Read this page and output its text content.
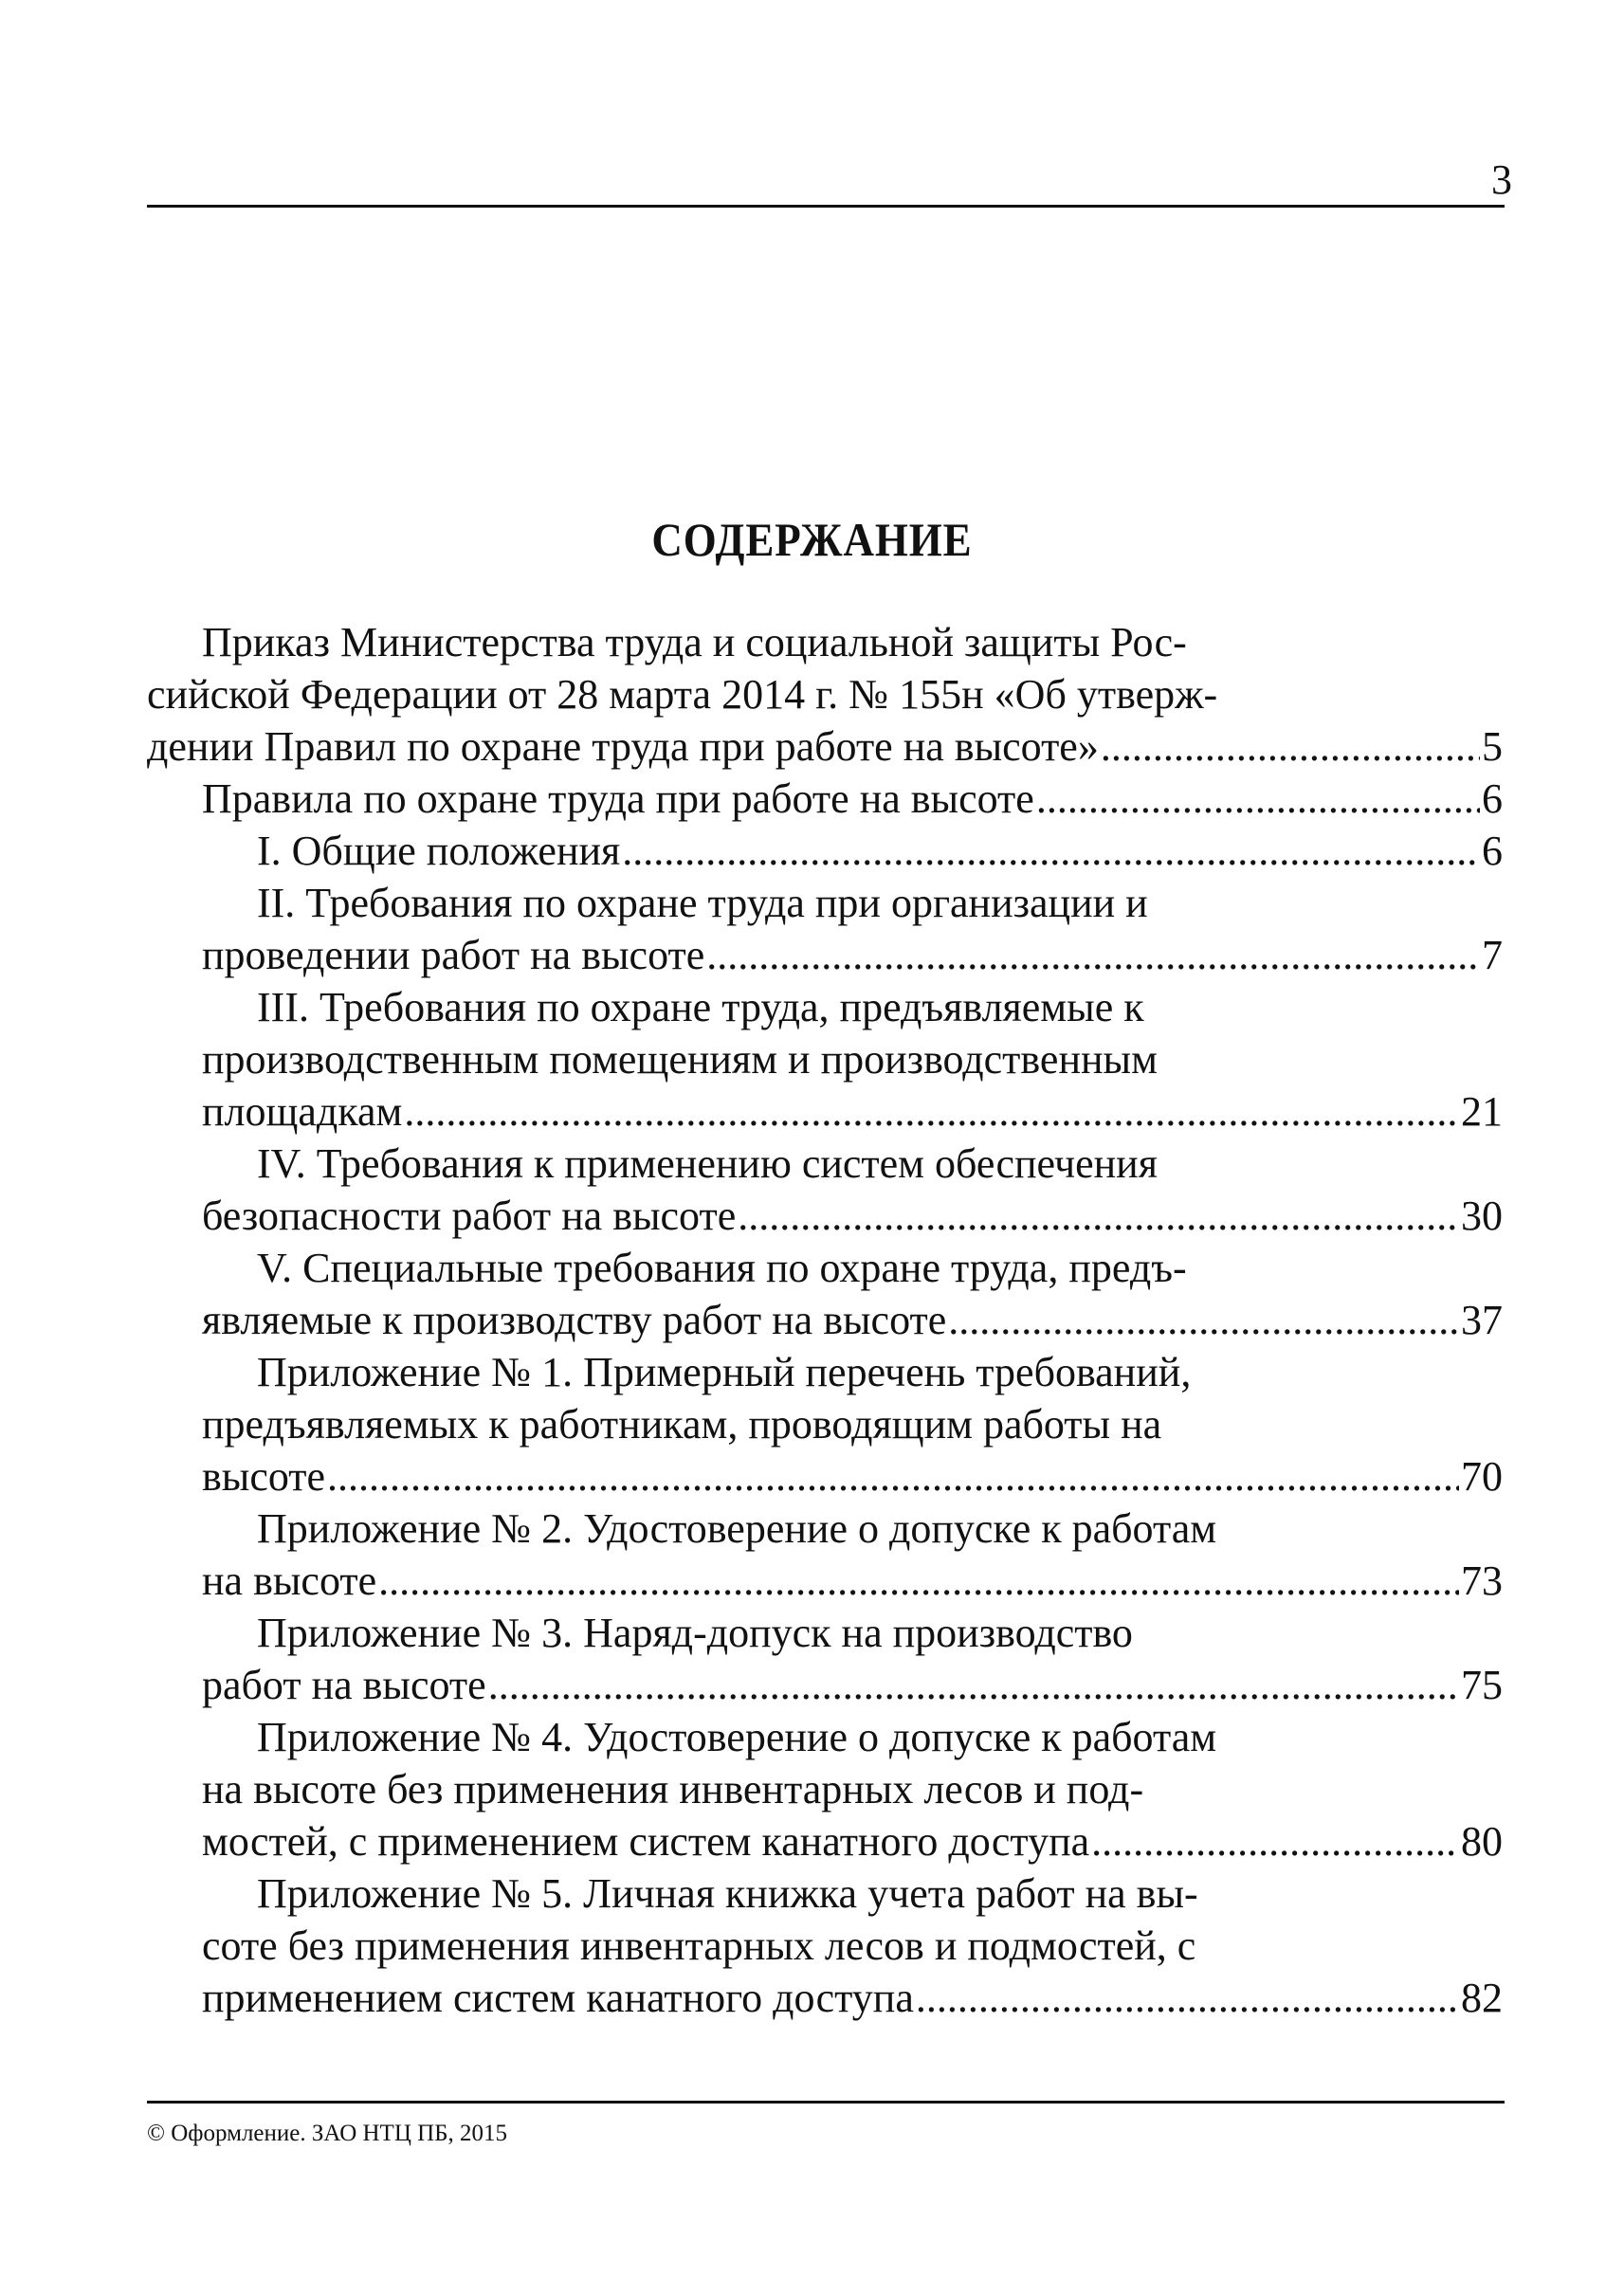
3
СОДЕРЖАНИЕ
Приказ Министерства труда и социальной защиты Рос-
сийской Федерации от 28 марта 2014 г. № 155н «Об утверж-
дении Правил по охране труда при работе на высоте» .....	5
Правила по охране труда при работе на высоте .....	6
I. Общие положения .....	6
II. Требования по охране труда при организации и
проведении работ на высоте .....	7
III. Требования по охране труда, предъявляемые к
производственным помещениям и производственным
площадкам .....	21
IV. Требования к применению систем обеспечения
безопасности работ на высоте .....	30
V. Специальные требования по охране труда, предъ-
являемые к производству работ на высоте .....	37
Приложение № 1. Примерный перечень требований,
предъявляемых к работникам, проводящим работы на
высоте .....	70
Приложение № 2. Удостоверение о допуске к работам
на высоте .....	73
Приложение № 3. Наряд-допуск на производство
работ на высоте .....	75
Приложение № 4. Удостоверение о допуске к работам
на высоте без применения инвентарных лесов и под-
мостей, с применением систем канатного доступа .....	80
Приложение № 5. Личная книжка учета работ на вы-
соте без применения инвентарных лесов и подмостей, с
применением систем канатного доступа .....	82
© Оформление. ЗАО НТЦ ПБ, 2015
